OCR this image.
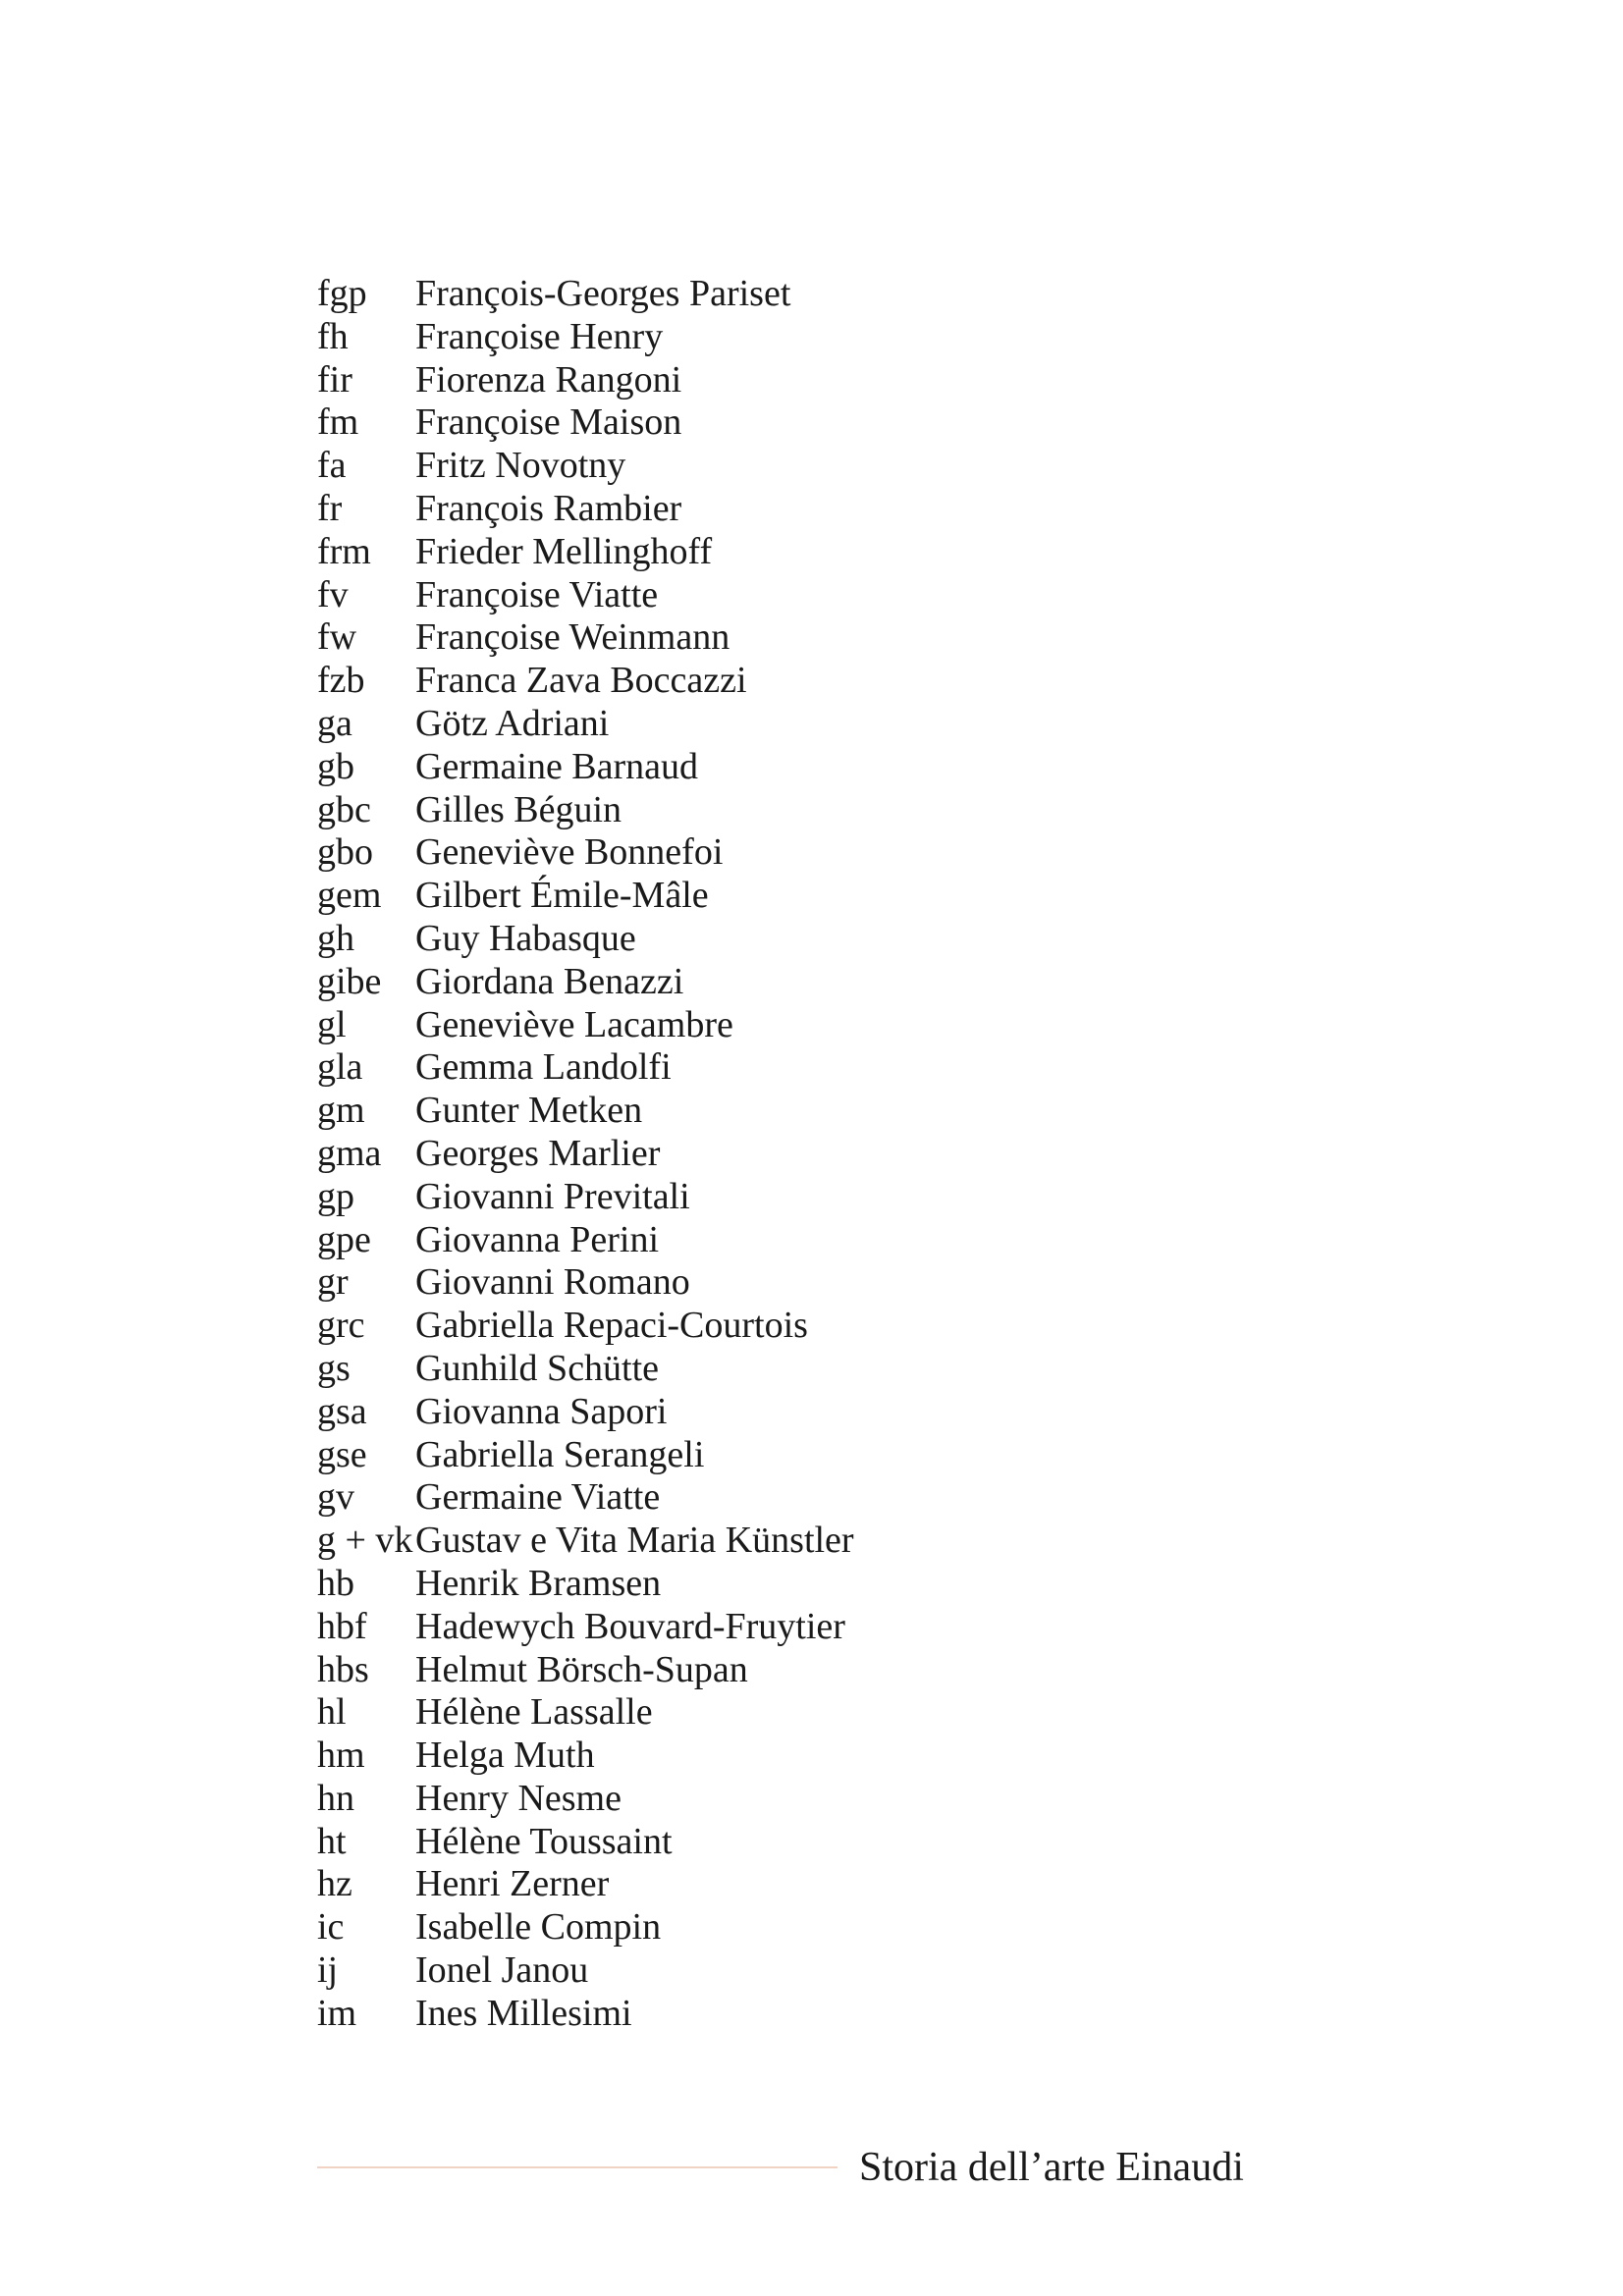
fgp	François-Georges Pariset
fh	Françoise Henry
fir	Fiorenza Rangoni
fm	Françoise Maison
fa	Fritz Novotny
fr	François Rambier
frm	Frieder Mellinghoff
fv	Françoise Viatte
fw	Françoise Weinmann
fzb	Franca Zava Boccazzi
ga	Götz Adriani
gb	Germaine Barnaud
gbc	Gilles Béguin
gbo	Geneviève Bonnefoi
gem Gilbert Émile-Mâle
gh	Guy Habasque
gibe Giordana Benazzi
gl	Geneviève Lacambre
gla	Gemma Landolfi
gm	Gunter Metken
gma Georges Marlier
gp	Giovanni Previtali
gpe	Giovanna Perini
gr	Giovanni Romano
grc	Gabriella Repaci-Courtois
gs	Gunhild Schütte
gsa	Giovanna Sapori
gse	Gabriella Serangeli
gv	Germaine Viatte
g + vk Gustav e Vita Maria Künstler
hb	Henrik Bramsen
hbf	Hadewych Bouvard-Fruytier
hbs	Helmut Börsch-Supan
hl	Hélène Lassalle
hm	Helga Muth
hn	Henry Nesme
ht	Hélène Toussaint
hz	Henri Zerner
ic	Isabelle Compin
ij	Ionel Janou
im	Ines Millesimi
Storia dell’arte Einaudi
